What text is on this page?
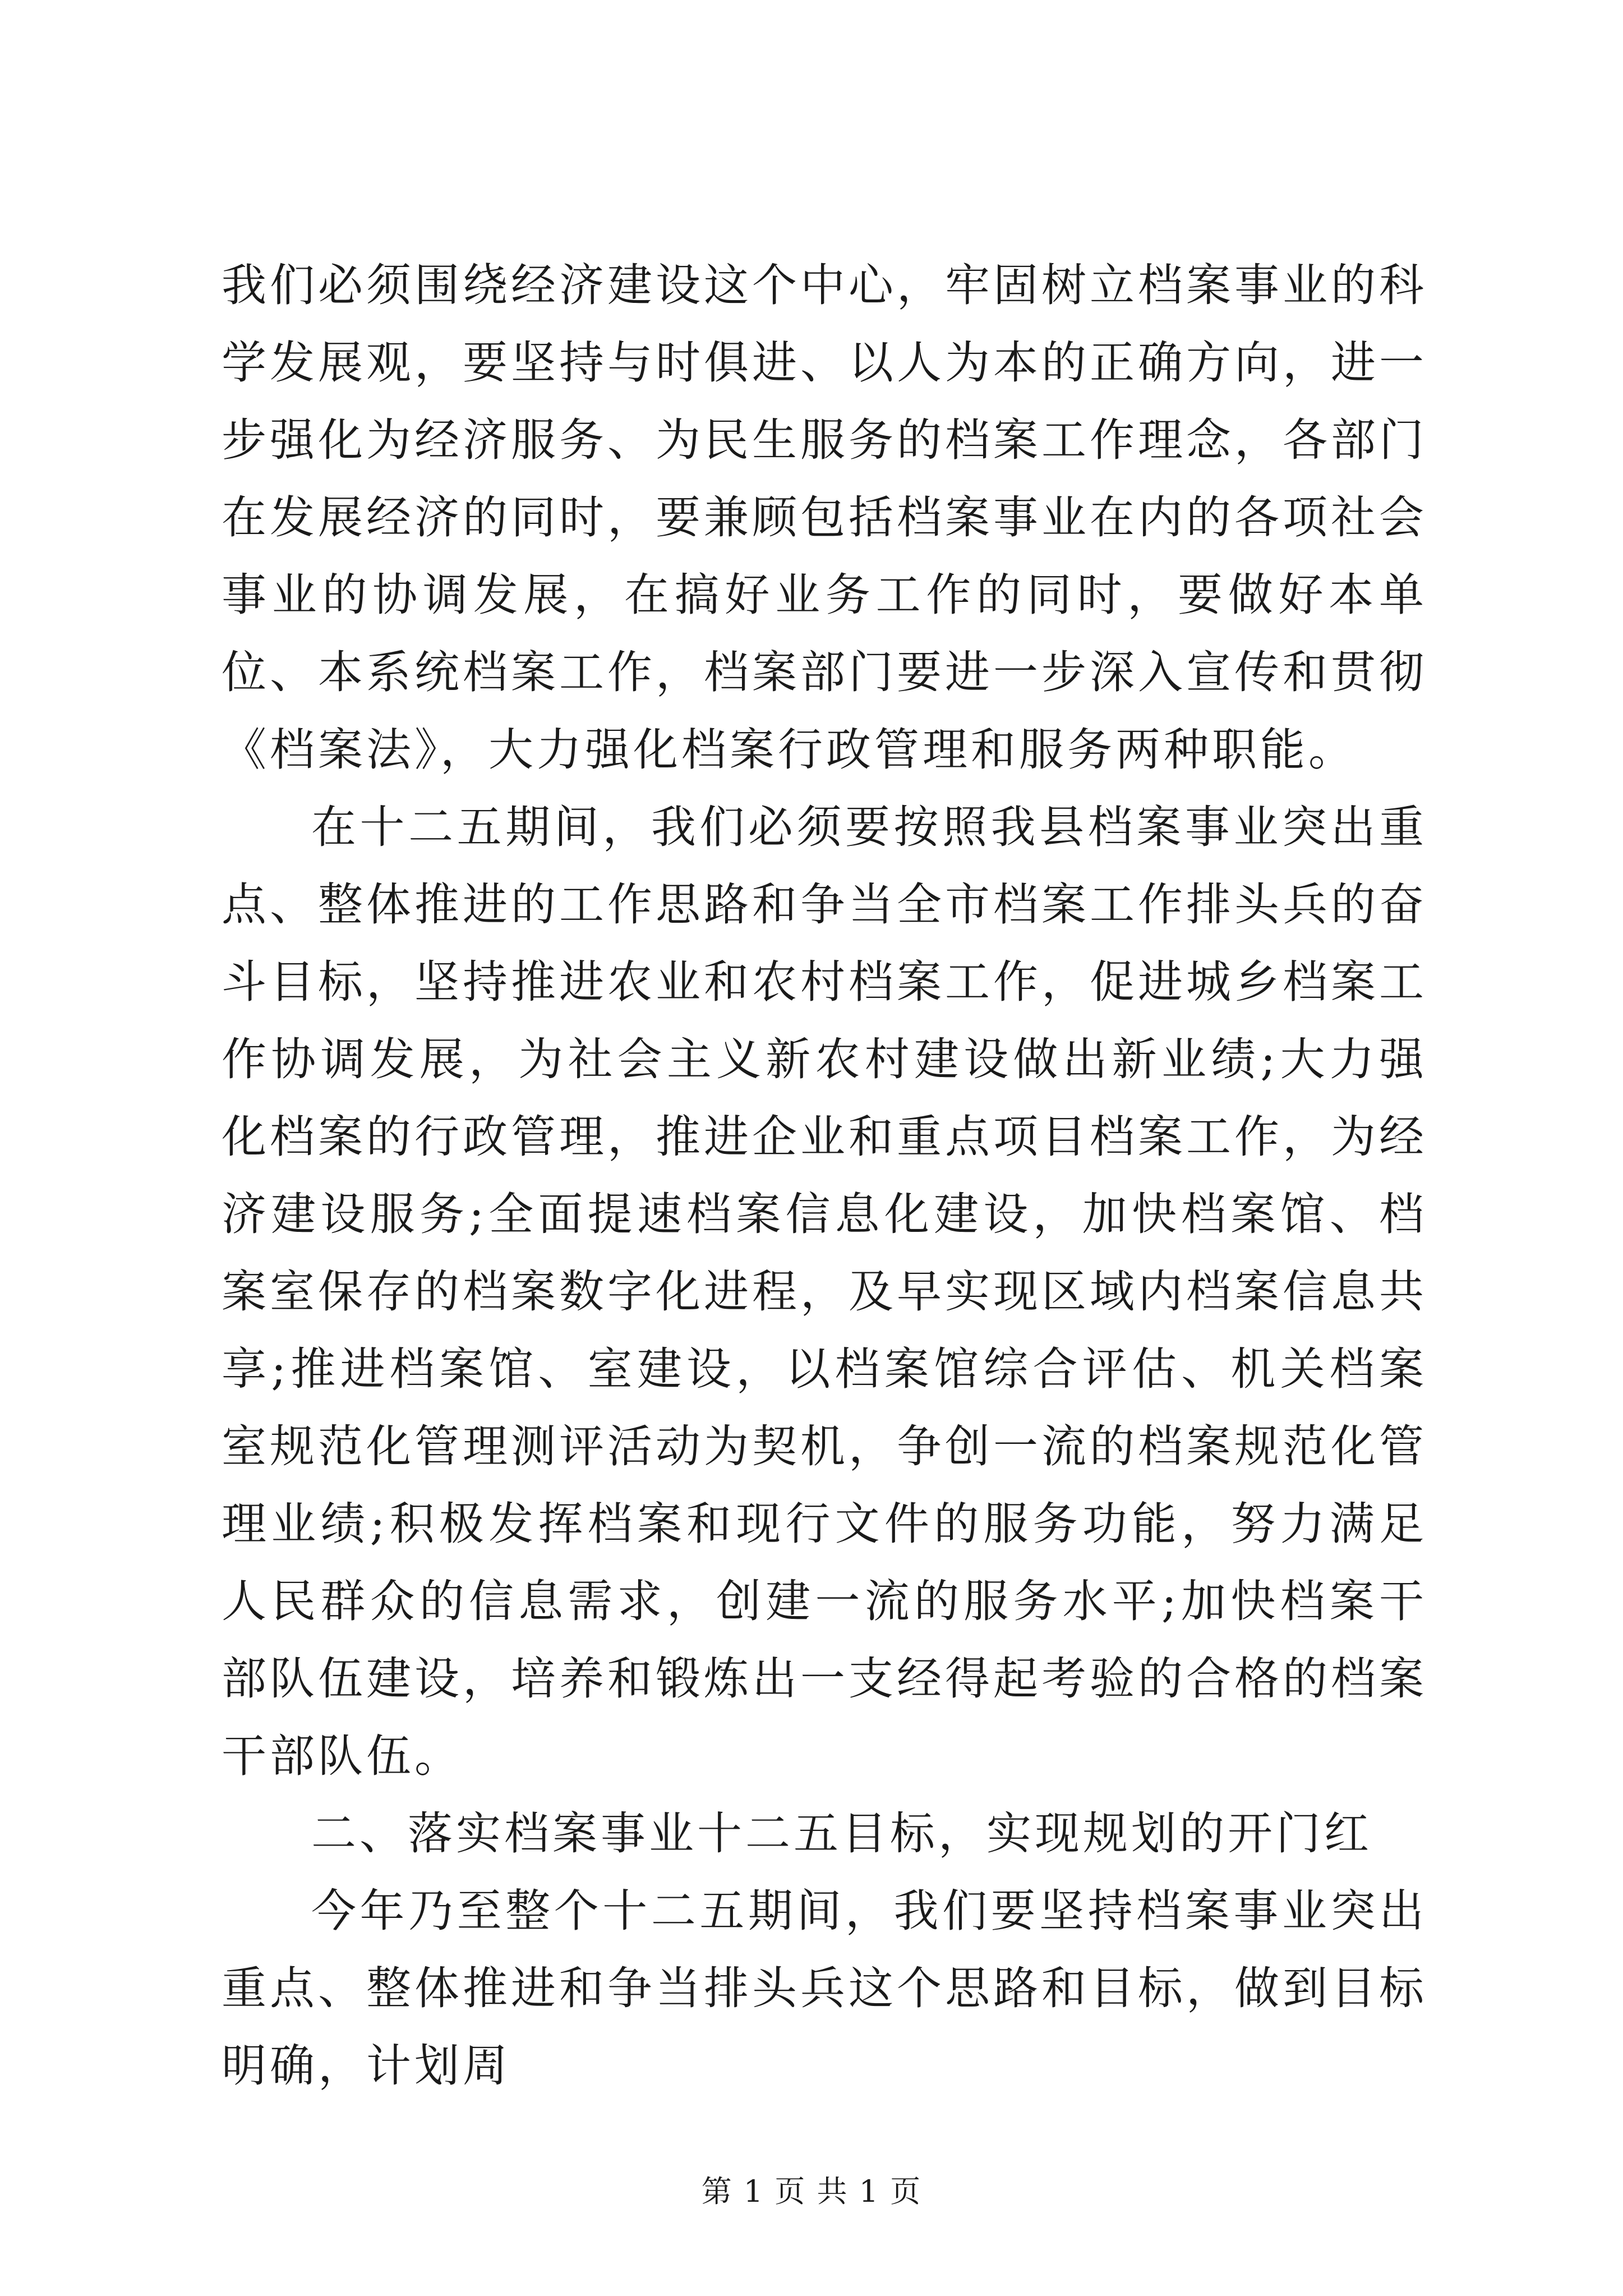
我们必须围绕经济建设这个中心，牢固树立档案事业的科学发展观，要坚持与时俱进、以人为本的正确方向，进一步强化为经济服务、为民生服务的档案工作理念，各部门在发展经济的同时，要兼顾包括档案事业在内的各项社会事业的协调发展，在搞好业务工作的同时，要做好本单位、本系统档案工作，档案部门要进一步深入宣传和贯彻《档案法》，大力强化档案行政管理和服务两种职能。

在十二五期间，我们必须要按照我县档案事业突出重点、整体推进的工作思路和争当全市档案工作排头兵的奋斗目标，坚持推进农业和农村档案工作，促进城乡档案工作协调发展，为社会主义新农村建设做出新业绩;大力强化档案的行政管理，推进企业和重点项目档案工作，为经济建设服务;全面提速档案信息化建设，加快档案馆、档案室保存的档案数字化进程，及早实现区域内档案信息共享;推进档案馆、室建设，以档案馆综合评估、机关档案室规范化管理测评活动为契机，争创一流的档案规范化管理业绩;积极发挥档案和现行文件的服务功能，努力满足人民群众的信息需求，创建一流的服务水平;加快档案干部队伍建设，培养和锻炼出一支经得起考验的合格的档案干部队伍。

二、落实档案事业十二五目标，实现规划的开门红

今年乃至整个十二五期间，我们要坚持档案事业突出重点、整体推进和争当排头兵这个思路和目标，做到目标明确，计划周

第 1 页 共 1 页
